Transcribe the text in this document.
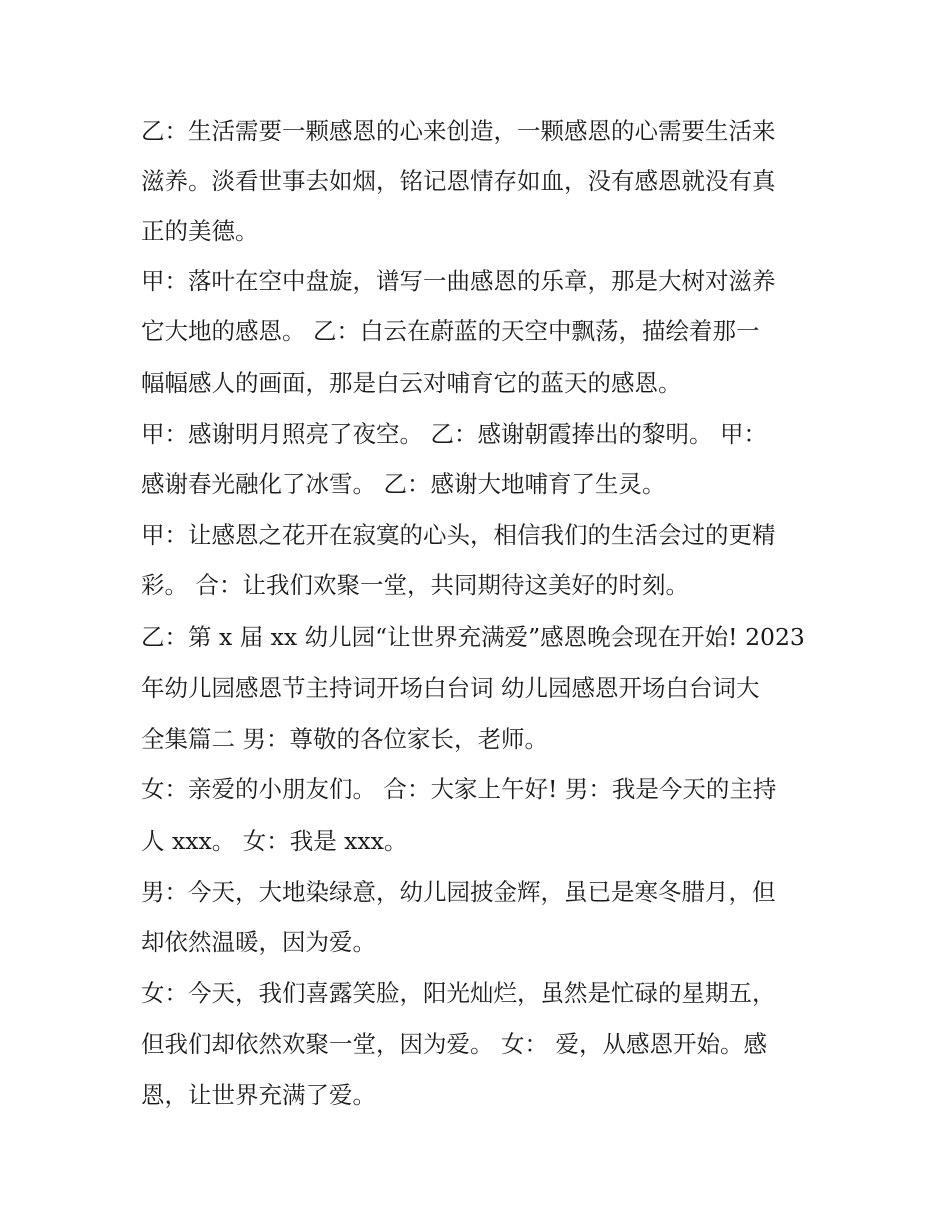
乙：生活需要一颗感恩的心来创造，一颗感恩的心需要生活来
滋养。淡看世事去如烟，铭记恩情存如血，没有感恩就没有真
正的美德。
甲：落叶在空中盘旋，谱写一曲感恩的乐章，那是大树对滋养
它大地的感恩。 乙：白云在蔚蓝的天空中飘荡，描绘着那一
幅幅感人的画面，那是白云对哺育它的蓝天的感恩。
甲：感谢明月照亮了夜空。 乙：感谢朝霞捧出的黎明。 甲：
感谢春光融化了冰雪。 乙：感谢大地哺育了生灵。
甲：让感恩之花开在寂寞的心头，相信我们的生活会过的更精
彩。 合：让我们欢聚一堂，共同期待这美好的时刻。
乙：第 x 届 xx 幼儿园“让世界充满爱”感恩晚会现在开始! 2023
年幼儿园感恩节主持词开场白台词 幼儿园感恩开场白台词大
全集篇二 男：尊敬的各位家长，老师。
女：亲爱的小朋友们。 合：大家上午好! 男：我是今天的主持
人 xxx。 女：我是 xxx。
男：今天，大地染绿意，幼儿园披金辉，虽已是寒冬腊月，但
却依然温暖，因为爱。
女：今天，我们喜露笑脸，阳光灿烂，虽然是忙碌的星期五，
但我们却依然欢聚一堂，因为爱。 女： 爱，从感恩开始。感
恩，让世界充满了爱。
